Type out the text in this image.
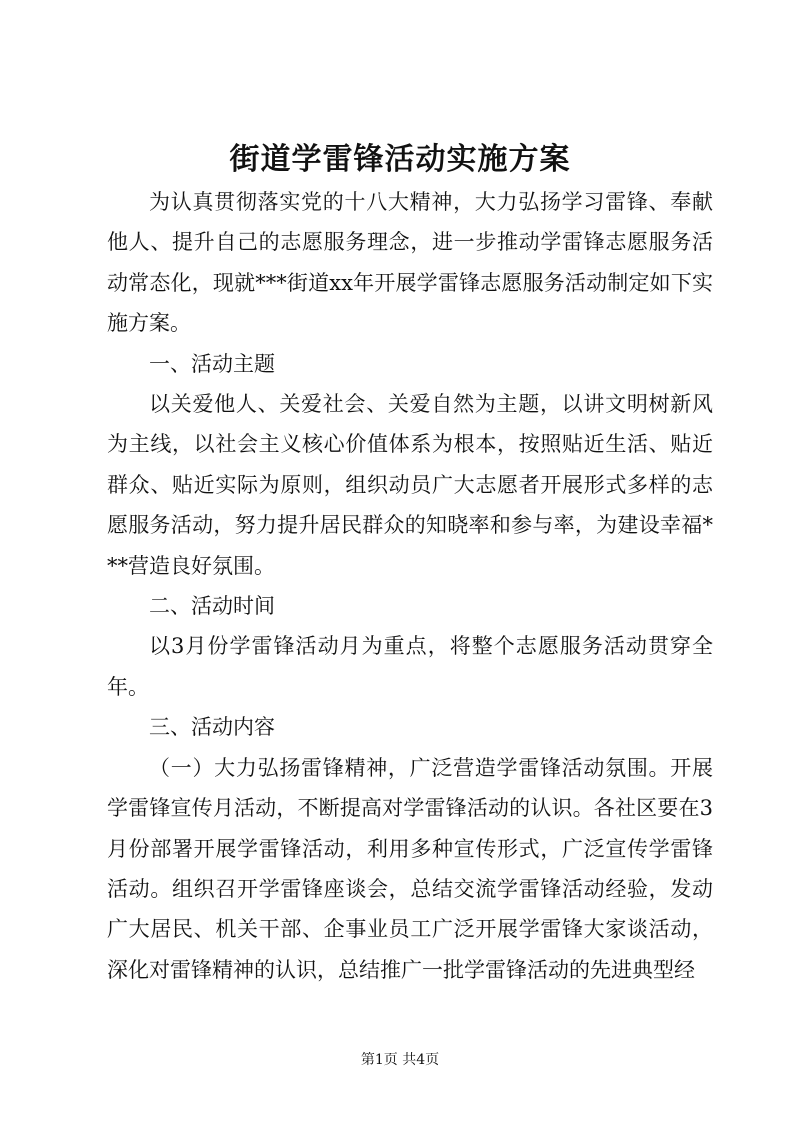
街道学雷锋活动实施方案

为认真贯彻落实党的十八大精神，大力弘扬学习雷锋、奉献他人、提升自己的志愿服务理念，进一步推动学雷锋志愿服务活动常态化，现就***街道xx年开展学雷锋志愿服务活动制定如下实施方案。

一、活动主题

以关爱他人、关爱社会、关爱自然为主题，以讲文明树新风为主线，以社会主义核心价值体系为根本，按照贴近生活、贴近群众、贴近实际为原则，组织动员广大志愿者开展形式多样的志愿服务活动，努力提升居民群众的知晓率和参与率，为建设幸福***营造良好氛围。

二、活动时间

以3月份学雷锋活动月为重点，将整个志愿服务活动贯穿全年。

三、活动内容

（一）大力弘扬雷锋精神，广泛营造学雷锋活动氛围。开展学雷锋宣传月活动，不断提高对学雷锋活动的认识。各社区要在3月份部署开展学雷锋活动，利用多种宣传形式，广泛宣传学雷锋活动。组织召开学雷锋座谈会，总结交流学雷锋活动经验，发动广大居民、机关干部、企事业员工广泛开展学雷锋大家谈活动，深化对雷锋精神的认识，总结推广一批学雷锋活动的先进典型经

第1页 共4页
